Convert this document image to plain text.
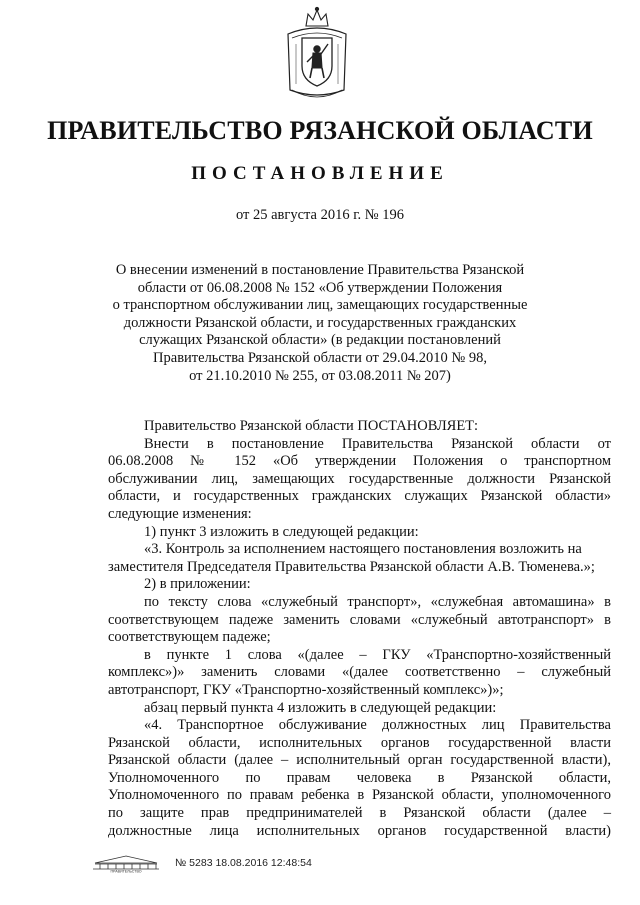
ПРАВИТЕЛЬСТВО РЯЗАНСКОЙ ОБЛАСТИ
ПОСТАНОВЛЕНИЕ
от 25 августа 2016 г. № 196
О внесении изменений в постановление Правительства Рязанской
области от 06.08.2008 № 152 «Об утверждении Положения
о транспортном обслуживании лиц, замещающих государственные
должности Рязанской области, и государственных гражданских
служащих Рязанской области» (в редакции постановлений
Правительства Рязанской области от 29.04.2010 № 98,
от 21.10.2010 № 255, от 03.08.2011 № 207)
Правительство Рязанской области ПОСТАНОВЛЯЕТ:
Внести в постановление Правительства Рязанской области от
06.08.2008 № 152 «Об утверждении Положения о транспортном
обслуживании лиц, замещающих государственные должности Рязанской
области, и государственных гражданских служащих Рязанской области»
следующие изменения:
1) пункт 3 изложить в следующей редакции:
«3. Контроль за исполнением настоящего постановления возложить на
заместителя Председателя Правительства Рязанской области А.В. Тюменева.»;
2) в приложении:
по тексту слова «служебный транспорт», «служебная автомашина» в
соответствующем падеже заменить словами «служебный автотранспорт» в
соответствующем падеже;
в пункте 1 слова «(далее – ГКУ «Транспортно-хозяйственный
комплекс»)» заменить словами «(далее соответственно – служебный
автотранспорт, ГКУ «Транспортно-хозяйственный комплекс»)»;
абзац первый пункта 4 изложить в следующей редакции:
«4. Транспортное обслуживание должностных лиц Правительства
Рязанской области, исполнительных органов государственной власти
Рязанской области (далее – исполнительный орган государственной власти),
Уполномоченного по правам человека в Рязанской области,
Уполномоченного по правам ребенка в Рязанской области, уполномоченного
по защите прав предпринимателей в Рязанской области (далее –
должностные лица исполнительных органов государственной власти)
ПРАВИТЕЛЬСТВО
№ 5283 18.08.2016 12:48:54
